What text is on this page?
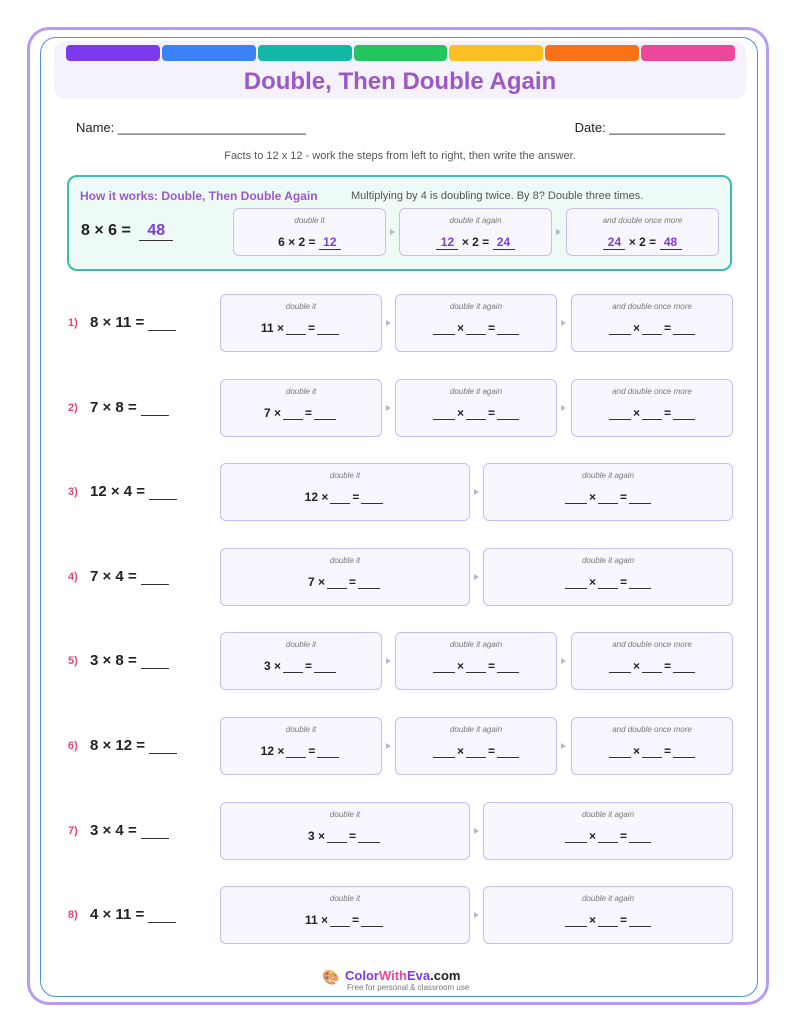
Double, Then Double Again
Name: __________________________	Date: ________________
Facts to 12 x 12 - work the steps from left to right, then write the answer.
How it works: Double, Then Double Again	Multiplying by 4 is doubling twice. By 8? Double three times.
8 × 6 = 48
double it
6 × 2 = 12
double it again
12 × 2 = 24
and double once more
24 × 2 = 48
1) 8 × 11 =
double it
11 × =
double it again
× =
and double once more
× =
2) 7 × 8 =
double it
7 × =
double it again
× =
and double once more
× =
3) 12 × 4 =
double it
12 × =
double it again
× =
4) 7 × 4 =
double it
7 × =
double it again
× =
5) 3 × 8 =
double it
3 × =
double it again
× =
and double once more
× =
6) 8 × 12 =
double it
12 × =
double it again
× =
and double once more
× =
7) 3 × 4 =
double it
3 × =
double it again
× =
8) 4 × 11 =
double it
11 × =
double it again
× =
🎨 ColorWithEva.com
Free for personal & classroom use
